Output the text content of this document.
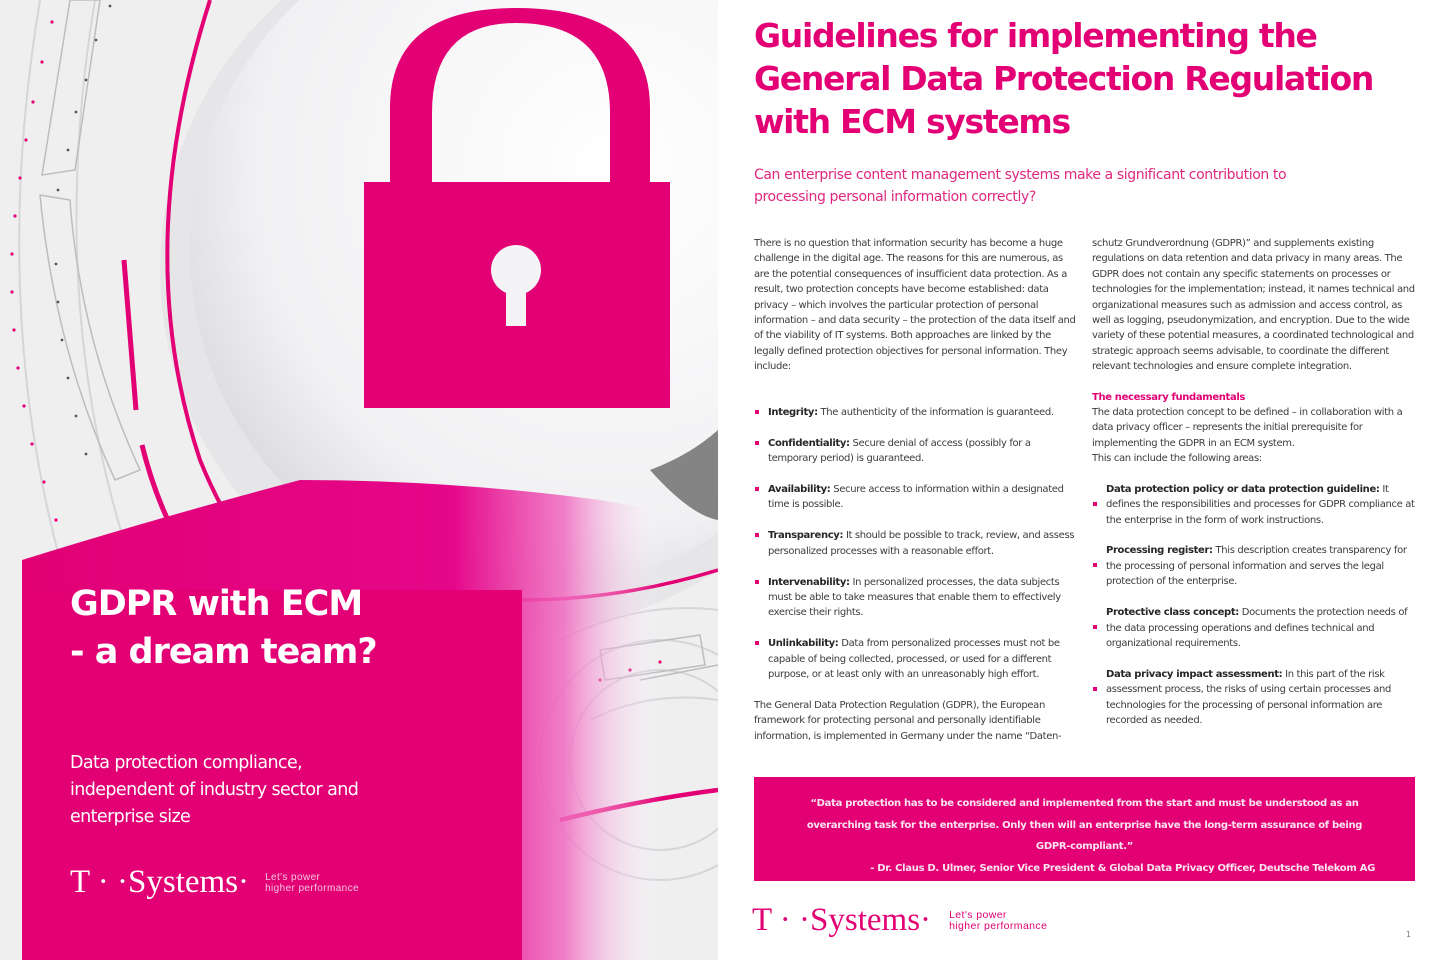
GDPR with ECM
- a dream team?
Data protection compliance, independent of industry sector and enterprise size
T · ·Systems· Let's power
higher performance
Guidelines for implementing the General Data Protection Regulation with ECM systems
Can enterprise content management systems make a significant contribution to processing personal information correctly?

There is no question that information security has become a huge challenge in the digital age. The reasons for this are numerous, as are the potential consequences of insufficient data protection. As a result, two protection concepts have become established: data privacy – which involves the particular protection of personal information – and data security – the protection of the data itself and of the viability of IT systems. Both approaches are linked by the legally defined protection objectives for personal information. They include:

Integrity: The authenticity of the information is guaranteed.
Confidentiality: Secure denial of access (possibly for a temporary period) is guaranteed.
Availability: Secure access to information within a designated time is possible.
Transparency: It should be possible to track, review, and assess personalized processes with a reasonable effort.
Intervenability: In personalized processes, the data subjects must be able to take measures that enable them to effectively exercise their rights.
Unlinkability: Data from personalized processes must not be capable of being collected, processed, or used for a different purpose, or at least only with an unreasonably high effort.

The General Data Protection Regulation (GDPR), the European framework for protecting personal and personally identifiable information, is implemented in Germany under the name “Daten-

schutz Grundverordnung (GDPR)” and supplements existing regulations on data retention and data privacy in many areas. The GDPR does not contain any specific statements on processes or technologies for the implementation; instead, it names technical and organizational measures such as admission and access control, as well as logging, pseudonymization, and encryption. Due to the wide variety of these potential measures, a coordinated technological and strategic approach seems advisable, to coordinate the different relevant technologies and ensure complete integration.

The necessary fundamentals

The data protection concept to be defined – in collaboration with a data privacy officer – represents the initial prerequisite for implementing the GDPR in an ECM system.

This can include the following areas:

Data protection policy or data protection guideline: It defines the responsibilities and processes for GDPR compliance at the enterprise in the form of work instructions.
Processing register: This description creates transparency for the processing of personal information and serves the legal protection of the enterprise.
Protective class concept: Documents the protection needs of the data processing operations and defines technical and organizational requirements.
Data privacy impact assessment: In this part of the risk assessment process, the risks of using certain processes and technologies for the processing of personal information are recorded as needed.
“Data protection has to be considered and implemented from the start and must be understood as an overarching task for the enterprise. Only then will an enterprise have the long-term assurance of being GDPR-compliant.”
- Dr. Claus D. Ulmer, Senior Vice President & Global Data Privacy Officer, Deutsche Telekom AG
T · ·Systems· Let's power
higher performance
1
